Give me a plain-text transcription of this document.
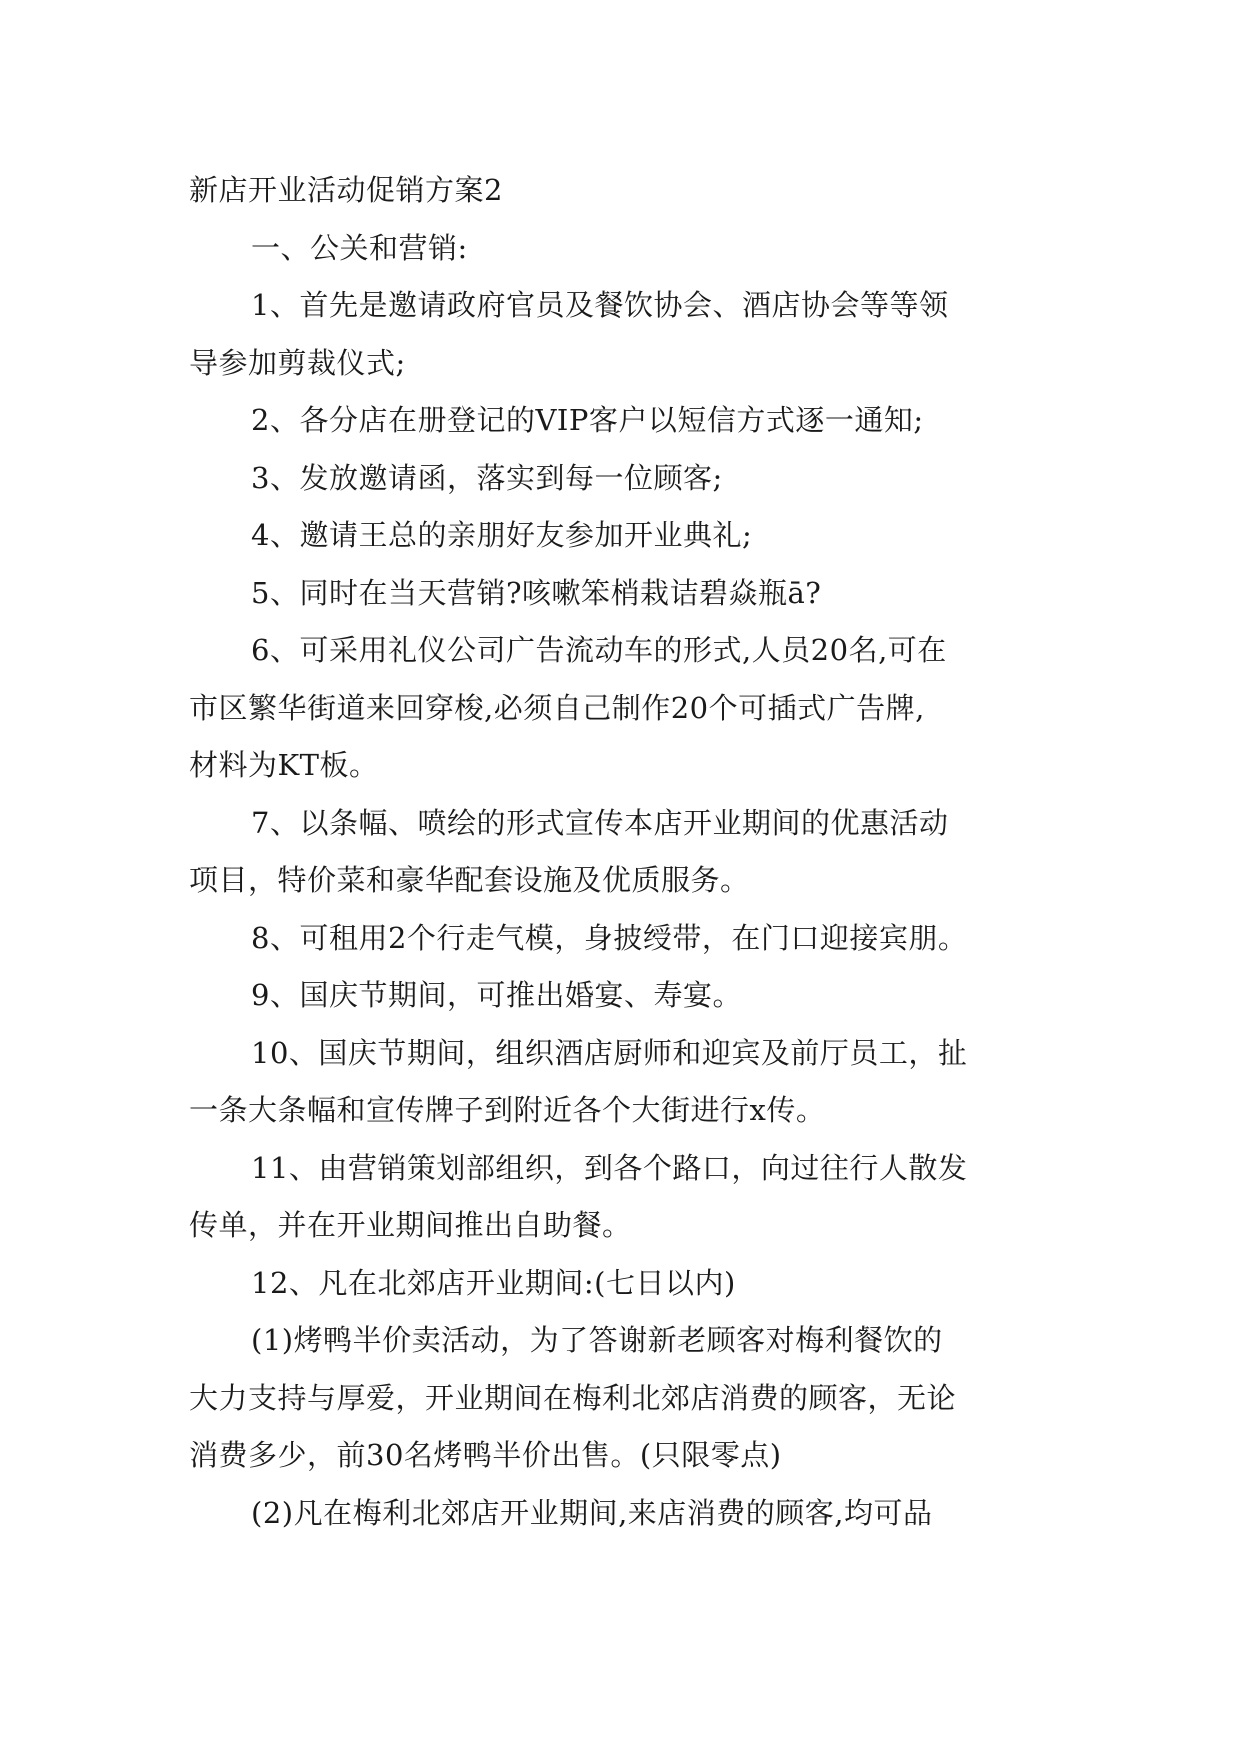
新店开业活动促销方案2
一、公关和营销:
1、首先是邀请政府官员及餐饮协会、酒店协会等等领
导参加剪裁仪式;
2、各分店在册登记的VIP客户以短信方式逐一通知;
3、发放邀请函，落实到每一位顾客;
4、邀请王总的亲朋好友参加开业典礼;
5、同时在当天营销?咳嗽笨梢栽诘碧焱瓶ā?
6、可采用礼仪公司广告流动车的形式,人员20名,可在
市区繁华街道来回穿梭,必须自己制作20个可插式广告牌,
材料为KT板。
7、以条幅、喷绘的形式宣传本店开业期间的优惠活动
项目，特价菜和豪华配套设施及优质服务。
8、可租用2个行走气模，身披绶带，在门口迎接宾朋。
9、国庆节期间，可推出婚宴、寿宴。
10、国庆节期间，组织酒店厨师和迎宾及前厅员工，扯
一条大条幅和宣传牌子到附近各个大街进行x传。
11、由营销策划部组织，到各个路口，向过往行人散发
传单，并在开业期间推出自助餐。
12、凡在北郊店开业期间:(七日以内)
(1)烤鸭半价卖活动，为了答谢新老顾客对梅利餐饮的
大力支持与厚爱，开业期间在梅利北郊店消费的顾客，无论
消费多少，前30名烤鸭半价出售。(只限零点)
(2)凡在梅利北郊店开业期间,来店消费的顾客,均可品
